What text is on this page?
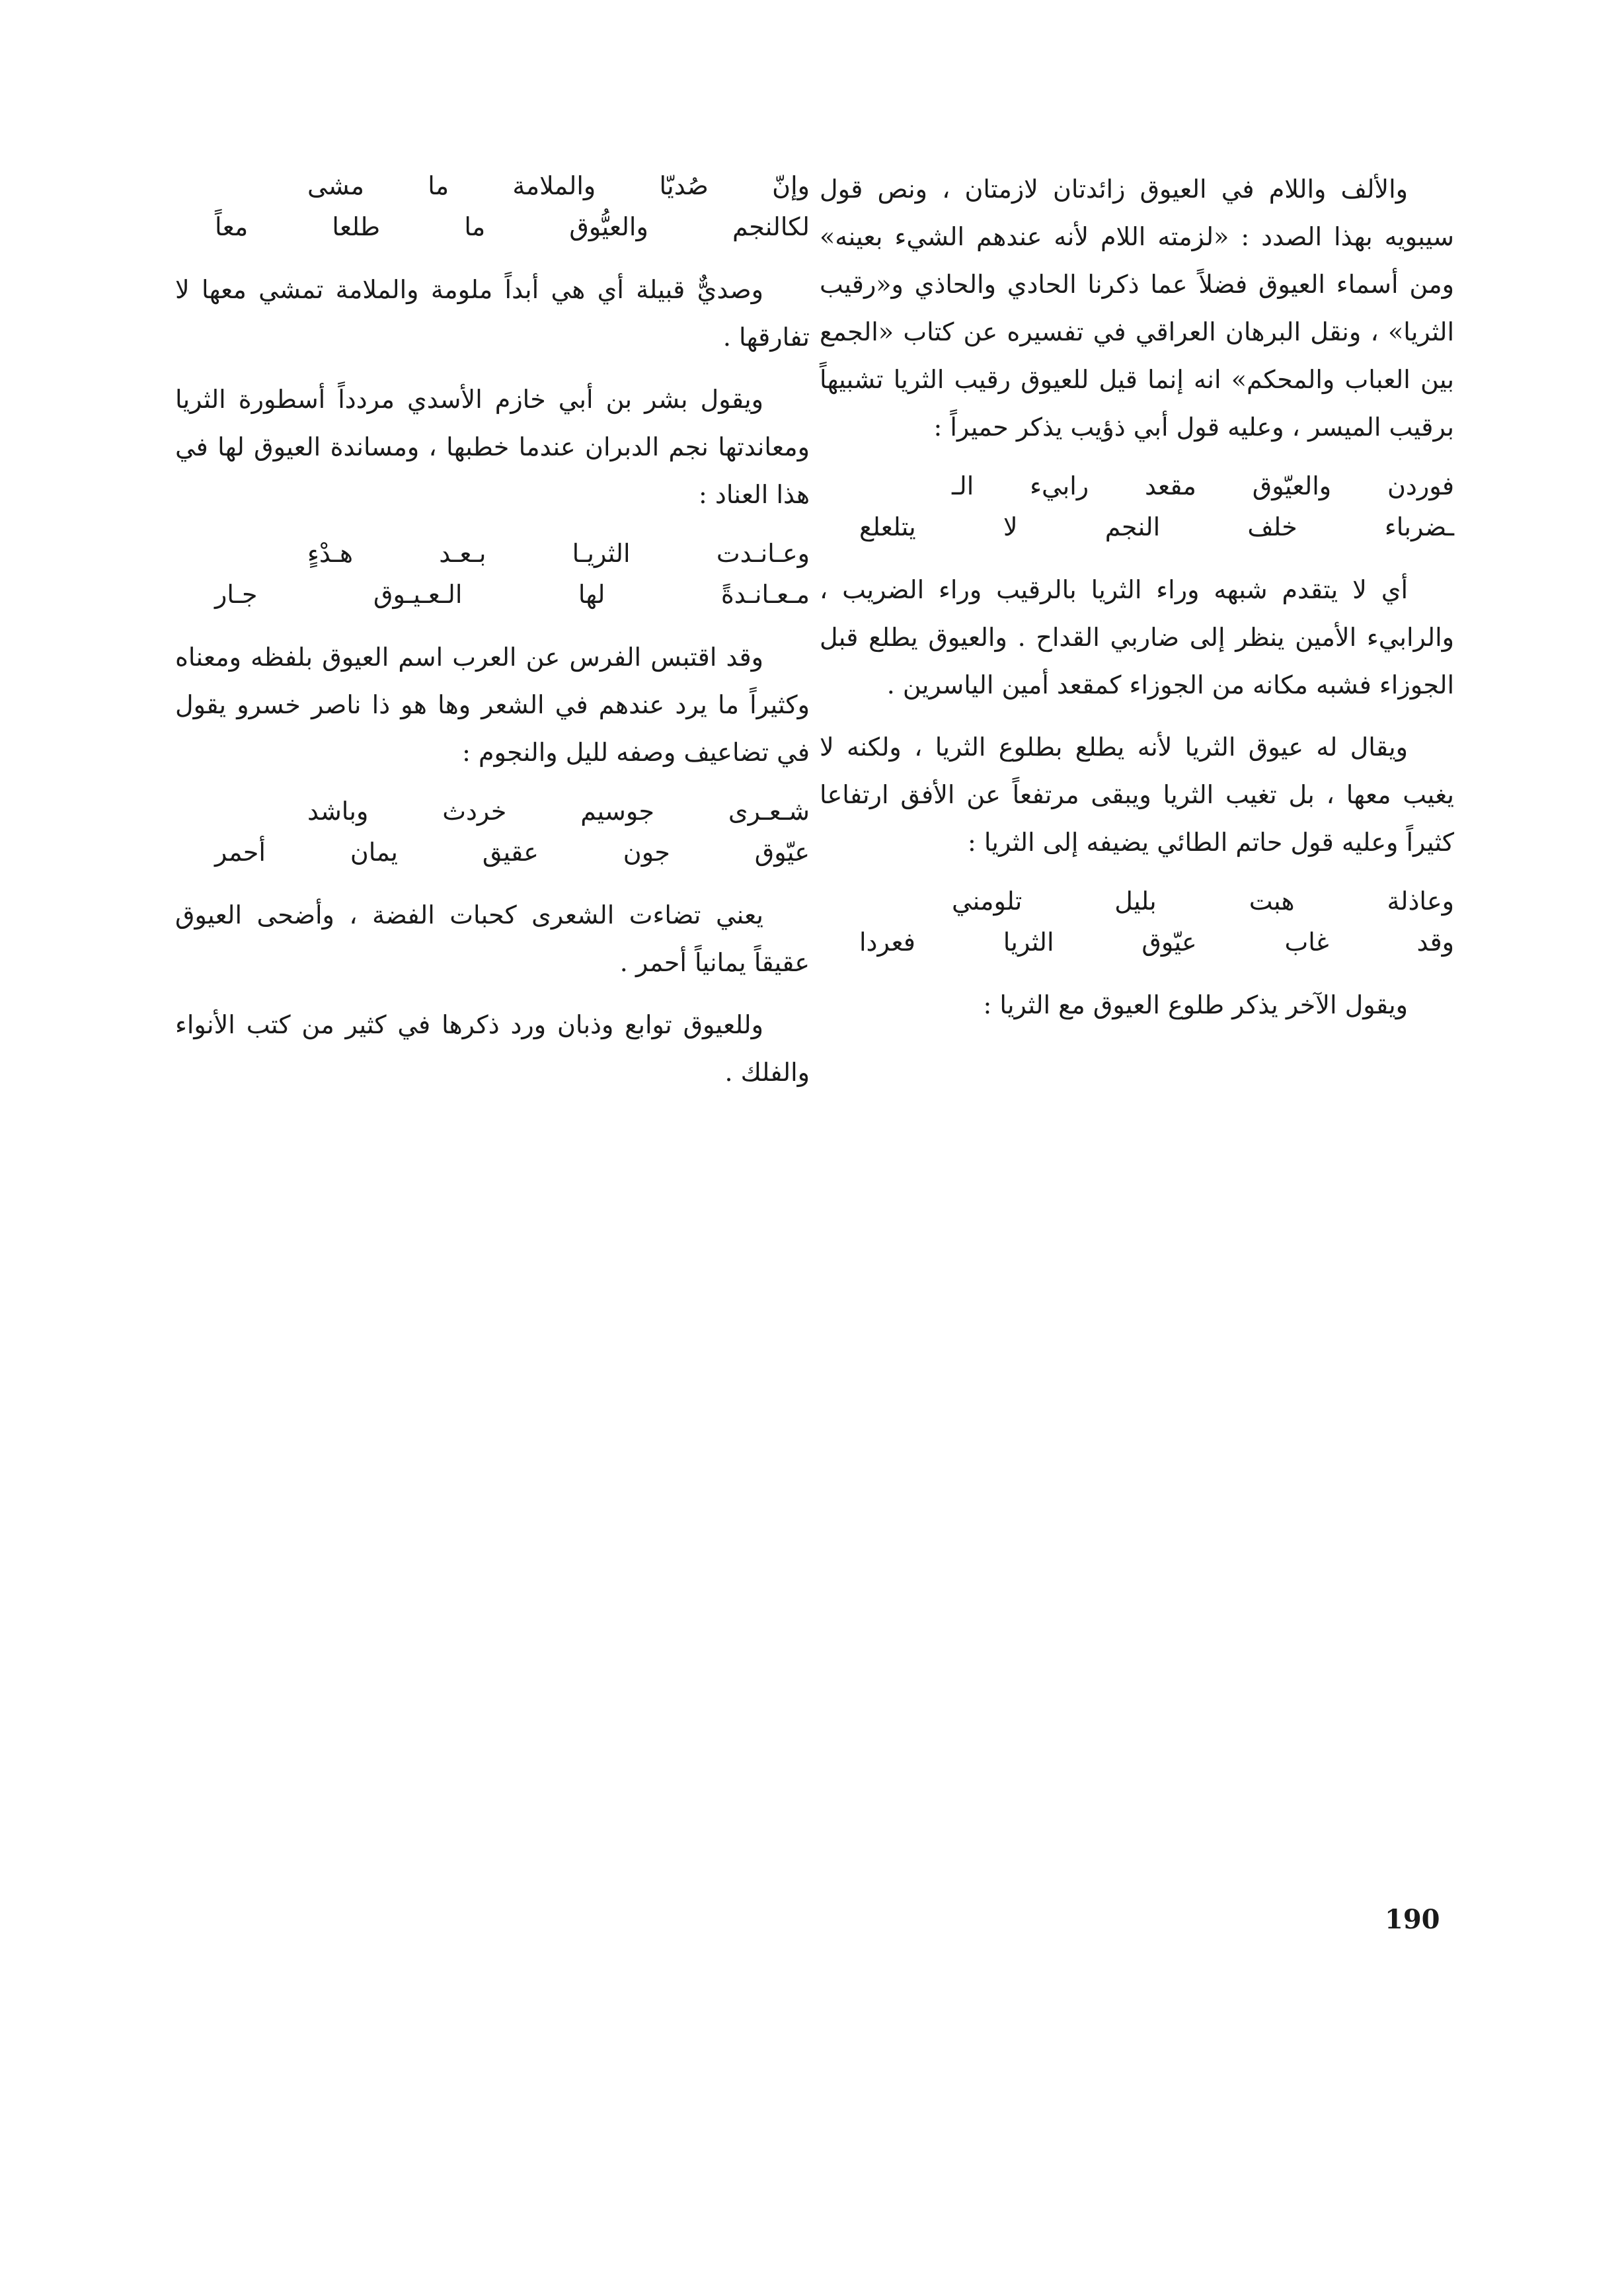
والألف واللام في العيوق زائدتان لازمتان ، ونص قول سيبويه بهذا الصدد : «لزمته اللام لأنه عندهم الشيء بعينه» ومن أسماء العيوق فضلاً عما ذكرنا الحادي والحاذي و«رقيب الثريا» ، ونقل البرهان العراقي في تفسيره عن كتاب «الجمع بين العباب والمحكم» انه إنما قيل للعيوق رقيب الثريا تشبيهاً برقيب الميسر ، وعليه قول أبي ذؤيب يذكر حميراً :

فوردن والعيّوق مقعد رابيء الـ
ـضرباء خلف النجم لا يتلعلع

أي لا يتقدم شبهه وراء الثريا بالرقيب وراء الضريب ، والرابيء الأمين ينظر إلى ضاربي القداح . والعيوق يطلع قبل الجوزاء فشبه مكانه من الجوزاء كمقعد أمين الياسرين .

ويقال له عيوق الثريا لأنه يطلع بطلوع الثريا ، ولكنه لا يغيب معها ، بل تغيب الثريا ويبقى مرتفعاً عن الأفق ارتفاعا كثيراً وعليه قول حاتم الطائي يضيفه إلى الثريا :

وعاذلة هبت بليل تلومني
وقد غاب عيّوق الثريا فعردا

ويقول الآخر يذكر طلوع العيوق مع الثريا :

وإنّ صُديّا والملامة ما مشى
لكالنجم والعيُّوق ما طلعا معاً

وصديٌّ قبيلة أي هي أبداً ملومة والملامة تمشي معها لا تفارقها .

ويقول بشر بن أبي خازم الأسدي مردداً أسطورة الثريا ومعاندتها نجم الدبران عندما خطبها ، ومساندة العيوق لها في هذا العناد :

وعـانـدت الثريـا بـعـد هـدْءٍ
مـعـانـدةً لها الـعـيـوق جـار

وقد اقتبس الفرس عن العرب اسم العيوق بلفظه ومعناه وكثيراً ما يرد عندهم في الشعر وها هو ذا ناصر خسرو يقول في تضاعيف وصفه لليل والنجوم :

شـعـرى جوسيم خردث وباشد
عيّوق جون عقيق يمان أحمر

يعني تضاءت الشعرى كحبات الفضة ، وأضحى العيوق عقيقاً يمانياً أحمر .

وللعيوق توابع وذبان ورد ذكرها في كثير من كتب الأنواء والفلك .

190
